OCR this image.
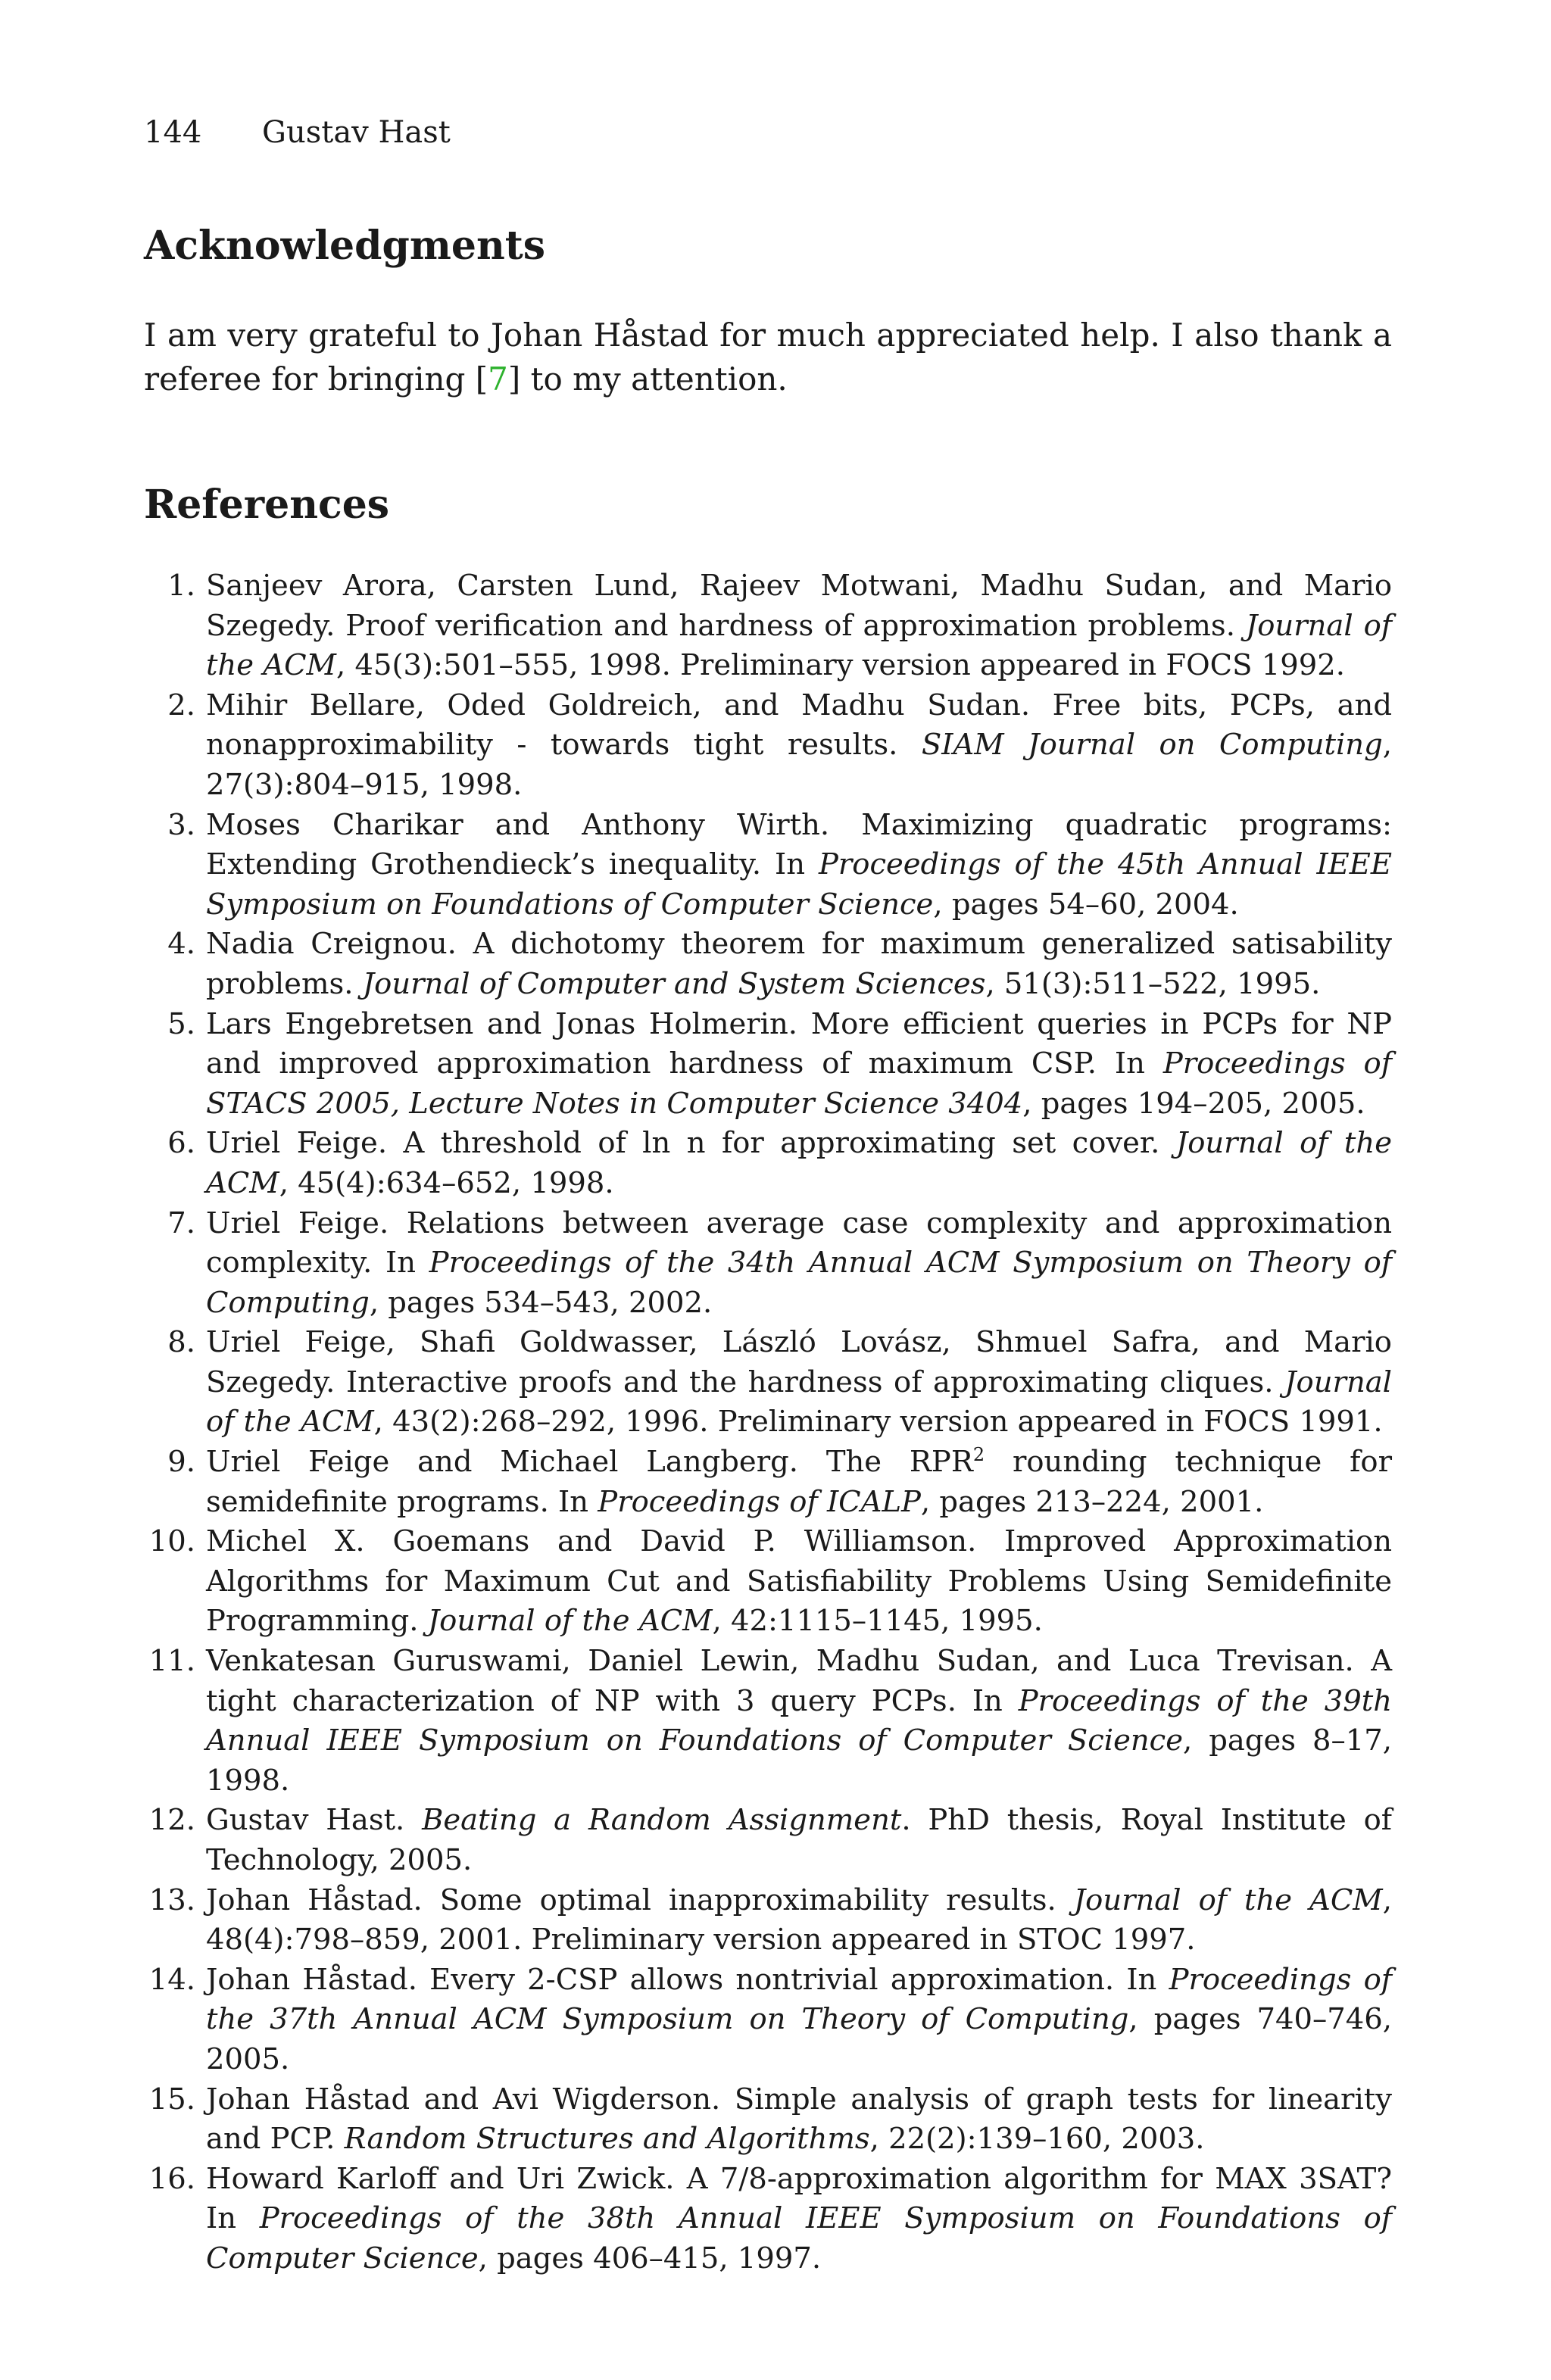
144 Gustav Hast
Acknowledgments

I am very grateful to Johan Håstad for much appreciated help. I also thank a referee for bringing [7] to my attention.

References
1. Sanjeev Arora, Carsten Lund, Rajeev Motwani, Madhu Sudan, and Mario Szegedy. Proof verification and hardness of approximation problems. Journal of the ACM, 45(3):501–555, 1998. Preliminary version appeared in FOCS 1992.
2. Mihir Bellare, Oded Goldreich, and Madhu Sudan. Free bits, PCPs, and nonapproximability - towards tight results. SIAM Journal on Computing, 27(3):804–915, 1998.
3. Moses Charikar and Anthony Wirth. Maximizing quadratic programs: Extending Grothendieck’s inequality. In Proceedings of the 45th Annual IEEE Symposium on Foundations of Computer Science, pages 54–60, 2004.
4. Nadia Creignou. A dichotomy theorem for maximum generalized satisability problems. Journal of Computer and System Sciences, 51(3):511–522, 1995.
5. Lars Engebretsen and Jonas Holmerin. More efficient queries in PCPs for NP and improved approximation hardness of maximum CSP. In Proceedings of STACS 2005, Lecture Notes in Computer Science 3404, pages 194–205, 2005.
6. Uriel Feige. A threshold of ln n for approximating set cover. Journal of the ACM, 45(4):634–652, 1998.
7. Uriel Feige. Relations between average case complexity and approximation complexity. In Proceedings of the 34th Annual ACM Symposium on Theory of Computing, pages 534–543, 2002.
8. Uriel Feige, Shafi Goldwasser, László Lovász, Shmuel Safra, and Mario Szegedy. Interactive proofs and the hardness of approximating cliques. Journal of the ACM, 43(2):268–292, 1996. Preliminary version appeared in FOCS 1991.
9. Uriel Feige and Michael Langberg. The RPR$^2$ rounding technique for semidefinite programs. In Proceedings of ICALP, pages 213–224, 2001.
10. Michel X. Goemans and David P. Williamson. Improved Approximation Algorithms for Maximum Cut and Satisfiability Problems Using Semidefinite Programming. Journal of the ACM, 42:1115–1145, 1995.
11. Venkatesan Guruswami, Daniel Lewin, Madhu Sudan, and Luca Trevisan. A tight characterization of NP with 3 query PCPs. In Proceedings of the 39th Annual IEEE Symposium on Foundations of Computer Science, pages 8–17, 1998.
12. Gustav Hast. Beating a Random Assignment. PhD thesis, Royal Institute of Technology, 2005.
13. Johan Håstad. Some optimal inapproximability results. Journal of the ACM, 48(4):798–859, 2001. Preliminary version appeared in STOC 1997.
14. Johan Håstad. Every 2-CSP allows nontrivial approximation. In Proceedings of the 37th Annual ACM Symposium on Theory of Computing, pages 740–746, 2005.
15. Johan Håstad and Avi Wigderson. Simple analysis of graph tests for linearity and PCP. Random Structures and Algorithms, 22(2):139–160, 2003.
16. Howard Karloff and Uri Zwick. A 7/8-approximation algorithm for MAX 3SAT? In Proceedings of the 38th Annual IEEE Symposium on Foundations of Computer Science, pages 406–415, 1997.
